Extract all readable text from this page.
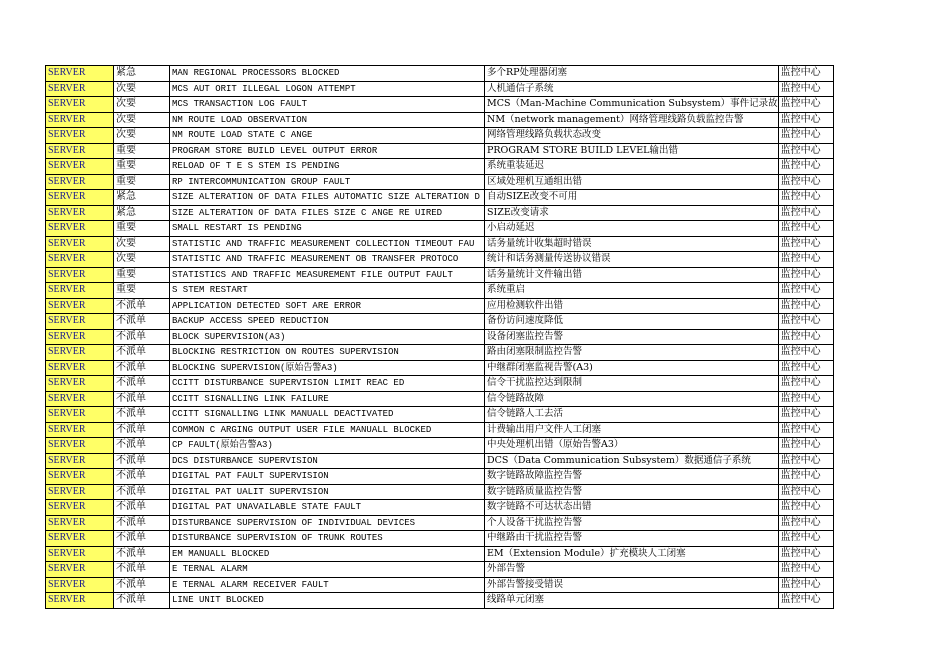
SERVER	紧急	MAN REGIONAL PROCESSORS BLOCKED	多个RP处理器闭塞	监控中心
SERVER	次要	MCS AUT ORIT ILLEGAL LOGON ATTEMPT	人机通信子系统	监控中心
SERVER	次要	MCS TRANSACTION LOG FAULT	MCS（Man-Machine Communication Subsystem）事件记录故	监控中心
SERVER	次要	NM ROUTE LOAD OBSERVATION	NM（network management）网络管理线路负载监控告警	监控中心
SERVER	次要	NM ROUTE LOAD STATE C ANGE	网络管理线路负载状态改变	监控中心
SERVER	重要	PROGRAM STORE BUILD LEVEL OUTPUT ERROR	PROGRAM STORE BUILD LEVEL输出错	监控中心
SERVER	重要	RELOAD OF T E S STEM IS PENDING	系统重装延迟	监控中心
SERVER	重要	RP INTERCOMMUNICATION GROUP FAULT	区域处理机互通组出错	监控中心
SERVER	紧急	SIZE ALTERATION OF DATA FILES AUTOMATIC SIZE ALTERATION D	自动SIZE改变不可用	监控中心
SERVER	紧急	SIZE ALTERATION OF DATA FILES SIZE C ANGE RE UIRED	SIZE改变请求	监控中心
SERVER	重要	SMALL RESTART IS PENDING	小启动延迟	监控中心
SERVER	次要	STATISTIC AND TRAFFIC MEASUREMENT COLLECTION TIMEOUT FAU	话务量统计收集超时错误	监控中心
SERVER	次要	STATISTIC AND TRAFFIC MEASUREMENT OB TRANSFER PROTOCO	统计和话务测量传送协议错误	监控中心
SERVER	重要	STATISTICS AND TRAFFIC MEASUREMENT FILE OUTPUT FAULT	话务量统计文件输出错	监控中心
SERVER	重要	S STEM RESTART	系统重启	监控中心
SERVER	不派单	APPLICATION DETECTED SOFT ARE ERROR	应用检测软件出错	监控中心
SERVER	不派单	BACKUP ACCESS SPEED REDUCTION	备份访问速度降低	监控中心
SERVER	不派单	BLOCK SUPERVISION(A3)	设备闭塞监控告警	监控中心
SERVER	不派单	BLOCKING RESTRICTION ON ROUTES SUPERVISION	路由闭塞限制监控告警	监控中心
SERVER	不派单	BLOCKING SUPERVISION(原始告警A3)	中继群闭塞监视告警(A3)	监控中心
SERVER	不派单	CCITT DISTURBANCE SUPERVISION LIMIT REAC ED	信令干扰监控达到限制	监控中心
SERVER	不派单	CCITT SIGNALLING LINK FAILURE	信令链路故障	监控中心
SERVER	不派单	CCITT SIGNALLING LINK MANUALL DEACTIVATED	信令链路人工去活	监控中心
SERVER	不派单	COMMON C ARGING OUTPUT USER FILE MANUALL BLOCKED	计费输出用户文件人工闭塞	监控中心
SERVER	不派单	CP FAULT(原始告警A3)	中央处理机出错（原始告警A3）	监控中心
SERVER	不派单	DCS DISTURBANCE SUPERVISION	DCS（Data Communication Subsystem）数据通信子系统	监控中心
SERVER	不派单	DIGITAL PAT FAULT SUPERVISION	数字链路故障监控告警	监控中心
SERVER	不派单	DIGITAL PAT UALIT SUPERVISION	数字链路质量监控告警	监控中心
SERVER	不派单	DIGITAL PAT UNAVAILABLE STATE FAULT	数字链路不可达状态出错	监控中心
SERVER	不派单	DISTURBANCE SUPERVISION OF INDIVIDUAL DEVICES	个人设备干扰监控告警	监控中心
SERVER	不派单	DISTURBANCE SUPERVISION OF TRUNK ROUTES	中继路由干扰监控告警	监控中心
SERVER	不派单	EM MANUALL BLOCKED	EM（Extension Module）扩充模块人工闭塞	监控中心
SERVER	不派单	E TERNAL ALARM	外部告警	监控中心
SERVER	不派单	E TERNAL ALARM RECEIVER FAULT	外部告警接受错误	监控中心
SERVER	不派单	LINE UNIT BLOCKED	线路单元闭塞	监控中心
